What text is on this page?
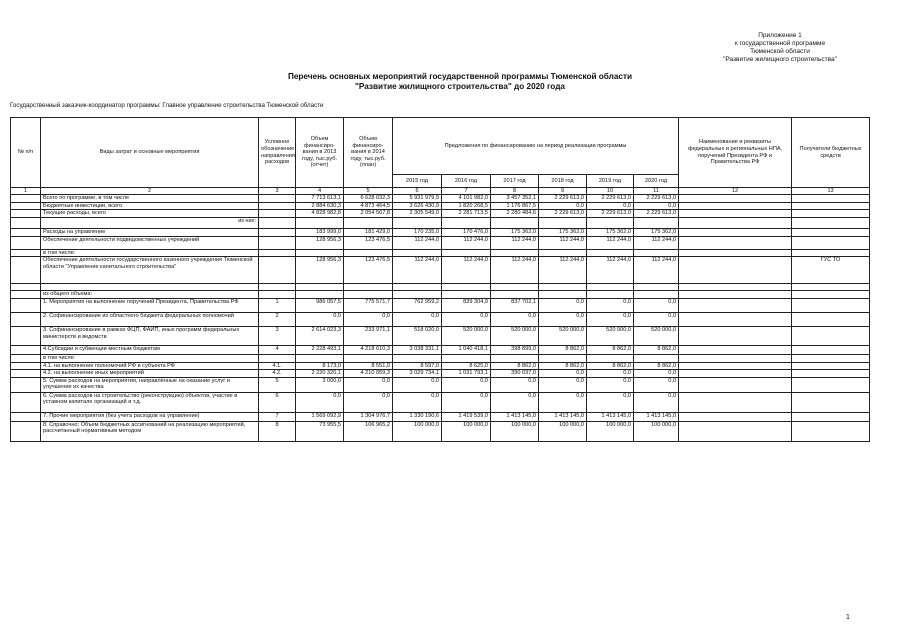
Приложение 1
к государственной программе
Тюменской области
"Развитие жилищного строительства"
Перечень основных мероприятий государственной программы Тюменской области
"Развитие жилищного строительства" до 2020 года
Государственный заказчик-координатор программы: Главное управление строительства Тюменской области
№ п/п	Виды затрат и основные мероприятия	Условное обозначение направления расходов	Объем финансиро-вания в 2013 году, тыс.руб. (отчет)	Объем финансиро-вания в 2014 году, тыс.руб. (план)	Предложения по финансированию на период реализации программы						Наименование и реквизиты федеральных и региональных НПА, поручений Президента РФ и Правительства РФ	Получатели бюджетных средств
					2015 год	2016 год	2017 год	2018 год	2019 год	2020 год		
1	2	3	4	5	6	7	8	9	10	11	12	13
	Всего по программе, в том числе		7 713 613,1	6 628 032,3	5 931 979,9	4 101 982,0	3 457 352,1	2 229 613,0	2 229 613,0	2 229 613,0		
	Бюджетные инвестиции, всего		2 884 630,3	4 873 464,5	3 626 430,9	1 820 268,5	1 176 867,5	0,0	0,0	0,0		
	Текущие расходы, всего		4 828 982,8	2 054 567,8	2 305 549,0	2 281 713,5	2 280 484,6	2 229 613,0	2 229 613,0	2 229 613,0		
	из них:											
	Расходы на управление		183 999,0	181 429,0	170 235,0	170 476,0	175 362,0	175 362,0	175 362,0	175 362,0		
	Обеспечение деятельности подведомственных учреждений		128 956,3	123 476,5	112 244,0	112 244,0	112 244,0	112 244,0	112 244,0	112 244,0		
	в том числе:											
	Обеспечение деятельности государственного казенного учреждения Тюменской области "Управление капитального строительства"		128 956,3	123 476,5	112 244,0	112 244,0	112 244,0	112 244,0	112 244,0	112 244,0		ГУС ТО

	из общего объема:											
	1. Мероприятия на выполнение поручений Президента, Правительства РФ	1	986 057,5	775 571,7	762 959,2	839 304,9	837 702,1	0,0	0,0	0,0		
	2. Софинансирование из областного бюджета федеральных полномочий	2	0,0	0,0	0,0	0,0	0,0	0,0	0,0	0,0		
	3. Софинансирование в рамках ФЦП, ФАИП, иных программ федеральных министерств и ведомств	3	2 614 023,3	233 971,1	518 020,0	520 000,0	520 000,0	520 000,0	520 000,0	520 000,0		
	4.Субсидии и субвенции местным бюджетам	4	2 228 493,1	4 218 610,3	3 038 331,1	1 040 418,1	398 899,0	8 862,0	8 862,0	8 862,0		
	в том числе:											
	4.1. на выполнение полномочий РФ и субъекта РФ	4.1.	8 173,0	8 551,0	8 597,0	8 625,0	8 862,0	8 862,0	8 862,0	8 862,0		
	4.2. на выполнение иных мероприятий	4.2.	2 220 320,1	4 210 059,3	3 029 734,1	1 031 793,1	390 037,0	0,0	0,0	0,0		
	5. Сумма расходов на мероприятия, направлённые на оказание услуг и улучшение их качества	5	3 000,0	0,0	0,0	0,0	0,0	0,0	0,0	0,0		
	6. Сумма расходов на строительство (реконструкцию) объектов, участие в уставном капитале организаций и т.д.	6	0,0	0,0	0,0	0,0	0,0	0,0	0,0	0,0		
	7. Прочие мероприятия (без учета расходов на управление)	7	1 569 092,9	1 304 976,7	1 330 190,6	1 419 539,0	1 413 145,0	1 413 145,0	1 413 145,0	1 413 145,0		
	8. Справочно: Объем бюджетных ассигнований на реализацию мероприятий, рассчитанный нормативным методом	8	73 955,5	106 965,2	100 000,0	100 000,0	100 000,0	100 000,0	100 000,0	100 000,0		
1
